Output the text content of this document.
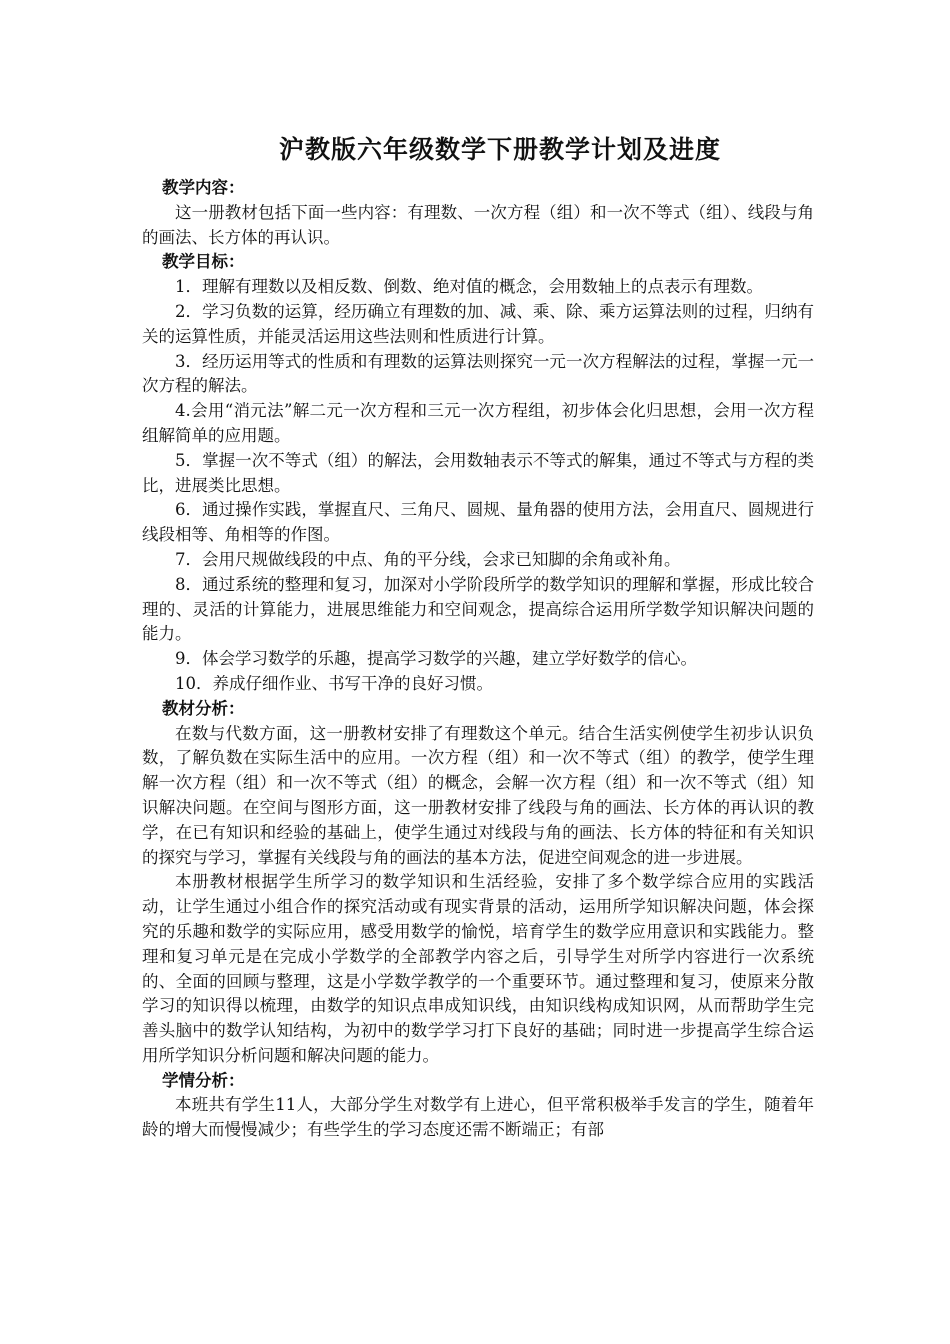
沪教版六年级数学下册教学计划及进度

教学内容：

这一册教材包括下面一些内容：有理数、一次方程（组）和一次不等式（组）、线段与角的画法、长方体的再认识。

教学目标：

1．理解有理数以及相反数、倒数、绝对值的概念，会用数轴上的点表示有理数。

2．学习负数的运算，经历确立有理数的加、减、乘、除、乘方运算法则的过程，归纳有关的运算性质，并能灵活运用这些法则和性质进行计算。

3．经历运用等式的性质和有理数的运算法则探究一元一次方程解法的过程，掌握一元一次方程的解法。

4.会用“消元法”解二元一次方程和三元一次方程组，初步体会化归思想，会用一次方程组解简单的应用题。

5．掌握一次不等式（组）的解法，会用数轴表示不等式的解集，通过不等式与方程的类比，进展类比思想。

6．通过操作实践，掌握直尺、三角尺、圆规、量角器的使用方法，会用直尺、圆规进行线段相等、角相等的作图。

7．会用尺规做线段的中点、角的平分线，会求已知脚的余角或补角。

8．通过系统的整理和复习，加深对小学阶段所学的数学知识的理解和掌握，形成比较合理的、灵活的计算能力，进展思维能力和空间观念，提高综合运用所学数学知识解决问题的能力。

9．体会学习数学的乐趣，提高学习数学的兴趣，建立学好数学的信心。

10．养成仔细作业、书写干净的良好习惯。

教材分析：

在数与代数方面，这一册教材安排了有理数这个单元。结合生活实例使学生初步认识负数，了解负数在实际生活中的应用。一次方程（组）和一次不等式（组）的教学，使学生理解一次方程（组）和一次不等式（组）的概念，会解一次方程（组）和一次不等式（组）知识解决问题。在空间与图形方面，这一册教材安排了线段与角的画法、长方体的再认识的教学，在已有知识和经验的基础上，使学生通过对线段与角的画法、长方体的特征和有关知识的探究与学习，掌握有关线段与角的画法的基本方法，促进空间观念的进一步进展。

本册教材根据学生所学习的数学知识和生活经验，安排了多个数学综合应用的实践活动，让学生通过小组合作的探究活动或有现实背景的活动，运用所学知识解决问题，体会探究的乐趣和数学的实际应用，感受用数学的愉悦，培育学生的数学应用意识和实践能力。整理和复习单元是在完成小学数学的全部教学内容之后，引导学生对所学内容进行一次系统的、全面的回顾与整理，这是小学数学教学的一个重要环节。通过整理和复习，使原来分散学习的知识得以梳理，由数学的知识点串成知识线，由知识线构成知识网，从而帮助学生完善头脑中的数学认知结构，为初中的数学学习打下良好的基础；同时进一步提高学生综合运用所学知识分析问题和解决问题的能力。

学情分析：

本班共有学生11人，大部分学生对数学有上进心，但平常积极举手发言的学生，随着年龄的增大而慢慢减少；有些学生的学习态度还需不断端正；有部
